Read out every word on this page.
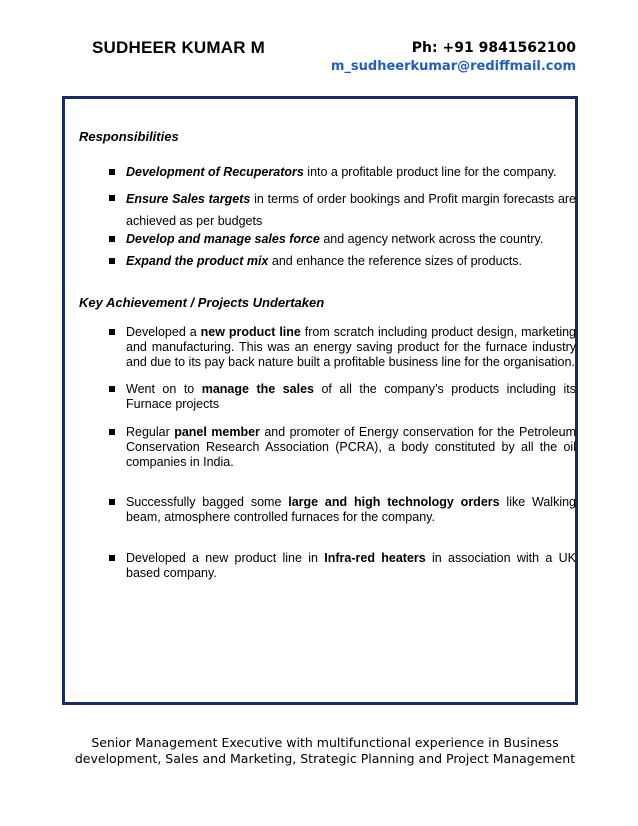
SUDHEER KUMAR M	Ph: +91 9841562100
m_sudheerkumar@rediffmail.com
Responsibilities
Development of Recuperators into a profitable product line for the company.
Ensure Sales targets in terms of order bookings and Profit margin forecasts are achieved as per budgets
Develop and manage sales force and agency network across the country.
Expand the product mix and enhance the reference sizes of products.
Key Achievement / Projects Undertaken
Developed a new product line from scratch including product design, marketing and manufacturing. This was an energy saving product for the furnace industry and due to its pay back nature built a profitable business line for the organisation.
Went on to manage the sales of all the company’s products including its Furnace projects
Regular panel member and promoter of Energy conservation for the Petroleum Conservation Research Association (PCRA), a body constituted by all the oil companies in India.
Successfully bagged some large and high technology orders like Walking beam, atmosphere controlled furnaces for the company.
Developed a new product line in Infra-red heaters in association with a UK based company.
Senior Management Executive with multifunctional experience in Business development, Sales and Marketing, Strategic Planning and Project Management
